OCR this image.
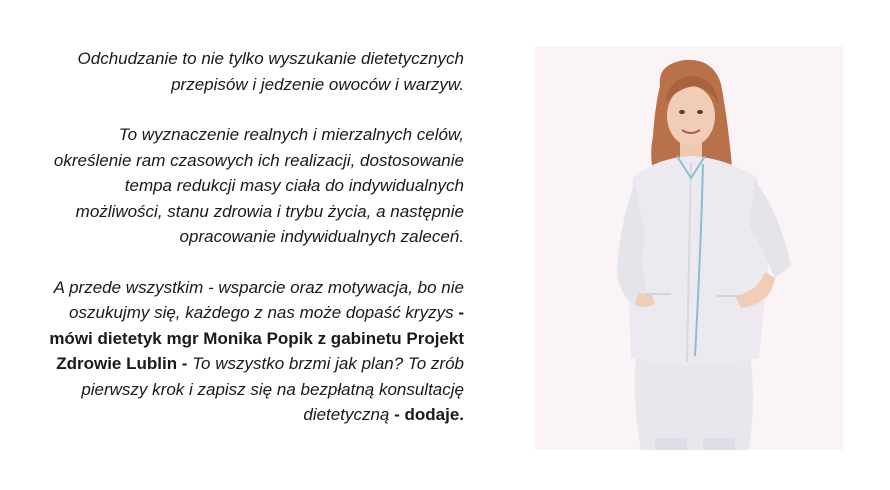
Odchudzanie to nie tylko wyszukanie dietetycznych przepisów i jedzenie owoców i warzyw.

To wyznaczenie realnych i mierzalnych celów, określenie ram czasowych ich realizacji, dostosowanie tempa redukcji masy ciała do indywidualnych możliwości, stanu zdrowia i trybu życia, a następnie opracowanie indywidualnych zaleceń.

A przede wszystkim - wsparcie oraz motywacja, bo nie oszukujmy się, każdego z nas może dopaść kryzys - mówi dietetyk mgr Monika Popik z gabinetu Projekt Zdrowie Lublin - To wszystko brzmi jak plan? To zrób pierwszy krok i zapisz się na bezpłatną konsultację dietetyczną - dodaje.
